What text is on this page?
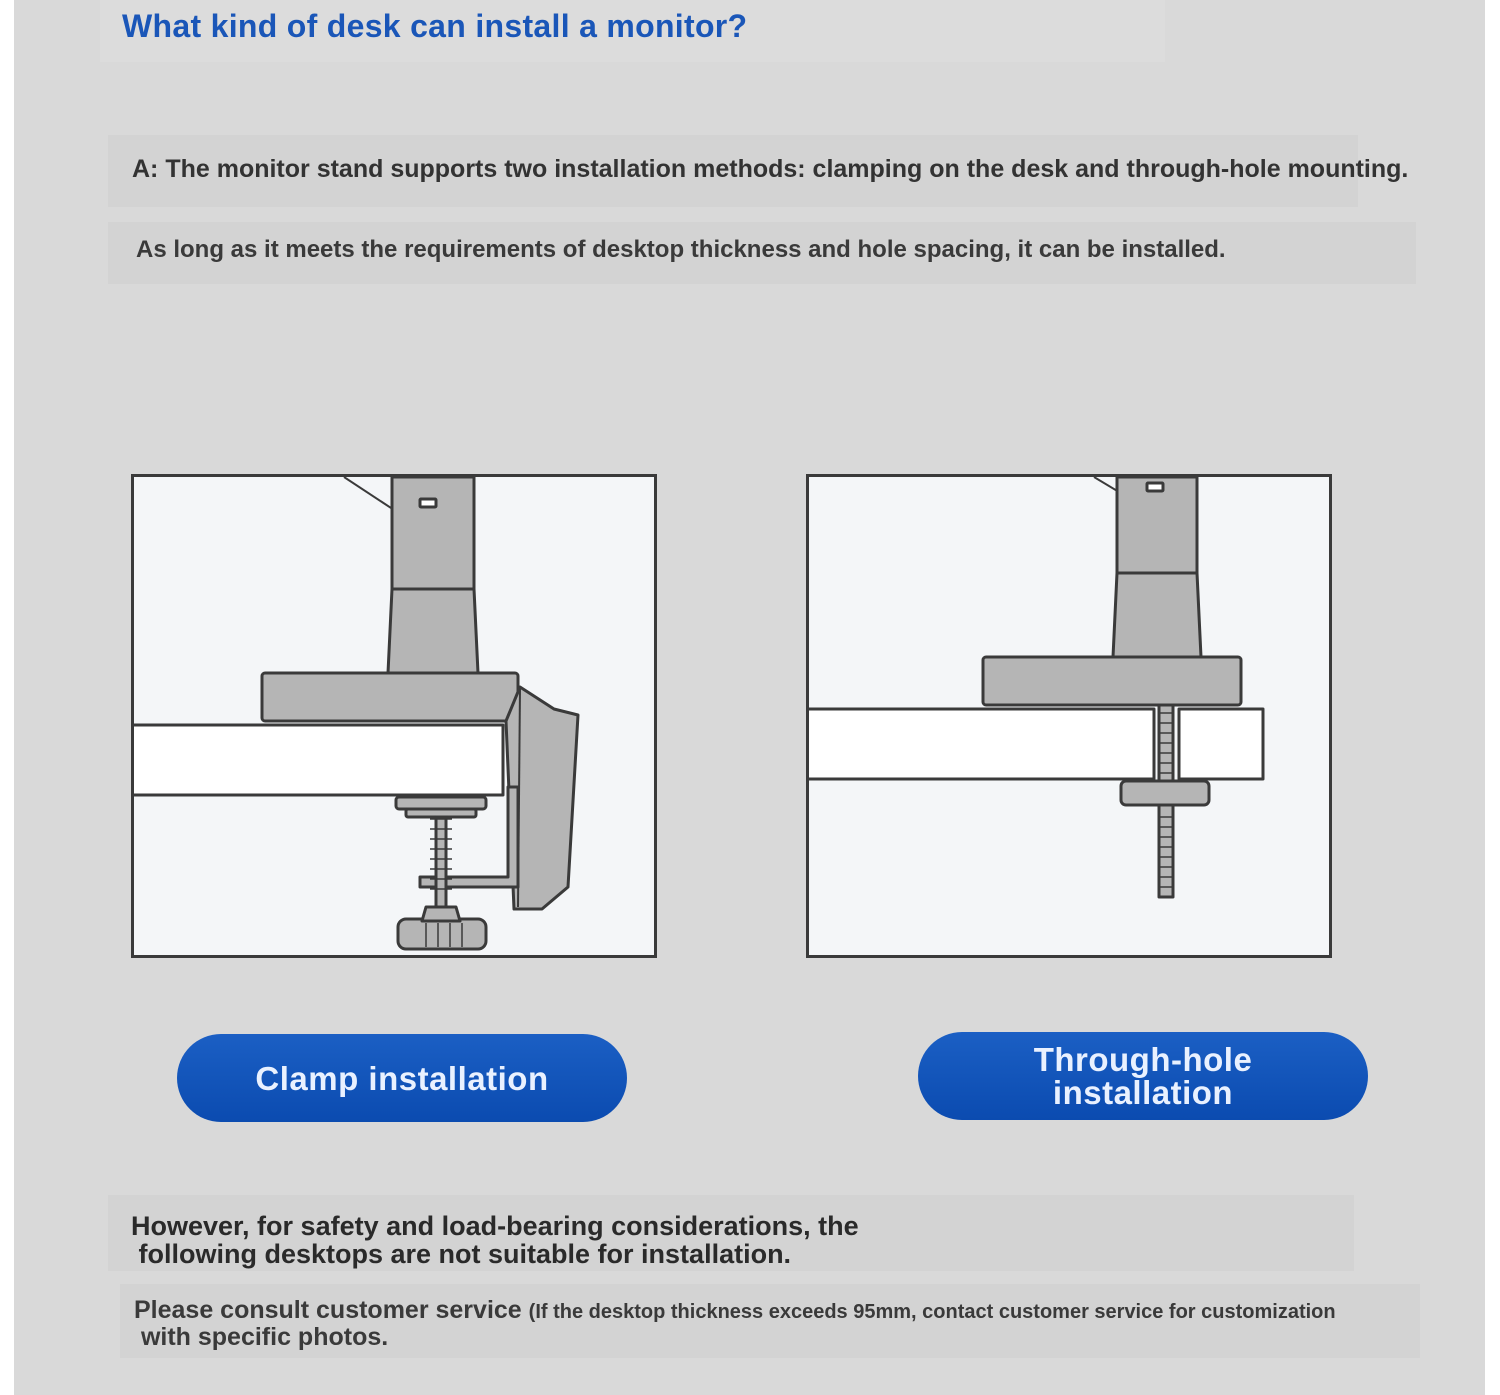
What kind of desk can install a monitor?

A: The monitor stand supports two installation methods: clamping on the desk and through-hole mounting.

As long as it meets the requirements of desktop thickness and hole spacing, it can be installed.

Clamp installation	Through-hole
installation

However, for safety and load-bearing considerations, the
following desktops are not suitable for installation.

Please consult customer service (If the desktop thickness exceeds 95mm, contact customer service for customization
with specific photos.
